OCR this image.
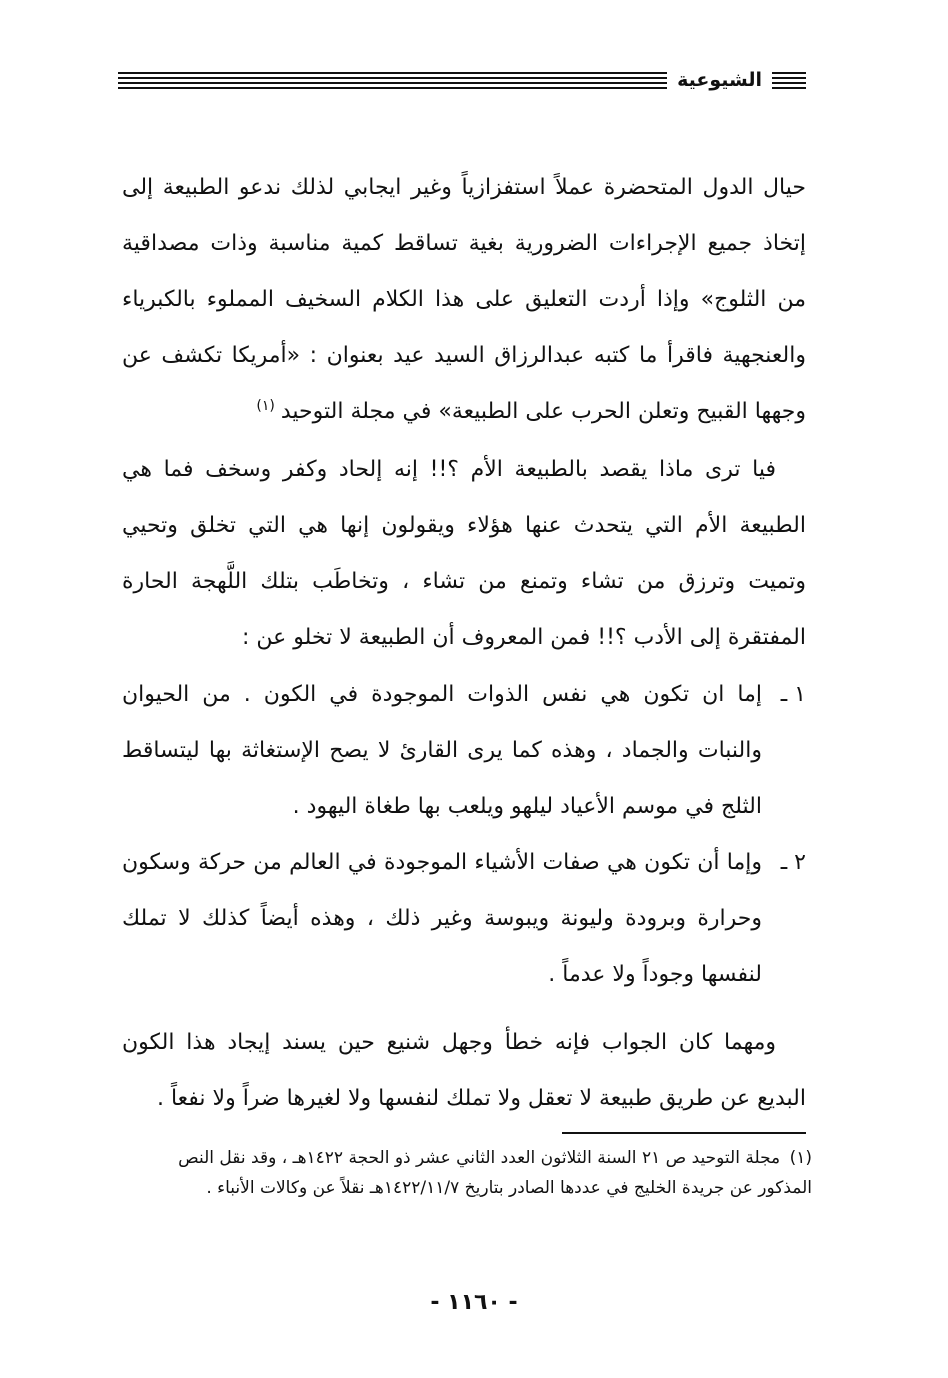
الشيوعية
حيال الدول المتحضرة عملاً استفزازياً وغير ايجابي لذلك ندعو الطبيعة إلى إتخاذ جميع الإجراءات الضرورية بغية تساقط كمية مناسبة وذات مصداقية من الثلوج» وإذا أردت التعليق على هذا الكلام السخيف المملوء بالكبرياء والعنجهية فاقرأ ما كتبه عبدالرزاق السيد عيد بعنوان : «أمريكا تكشف عن وجهها القبيح وتعلن الحرب على الطبيعة» في مجلة التوحيد$^{(١)}$
فيا ترى ماذا يقصد بالطبيعة الأم ؟!! إنه إلحاد وكفر وسخف فما هي الطبيعة الأم التي يتحدث عنها هؤلاء ويقولون إنها هي التي تخلق وتحيي وتميت وترزق من تشاء وتمنع من تشاء ، وتخاطَب بتلك اللَّهجة الحارة المفتقرة إلى الأدب ؟!! فمن المعروف أن الطبيعة لا تخلو عن :
١ ـ
إما ان تكون هي نفس الذوات الموجودة في الكون . من الحيوان والنبات والجماد ، وهذه كما يرى القارئ لا يصح الإستغاثة بها ليتساقط الثلج في موسم الأعياد ليلهو ويلعب بها طغاة اليهود .
٢ ـ
وإما أن تكون هي صفات الأشياء الموجودة في العالم من حركة وسكون وحرارة وبرودة وليونة ويبوسة وغير ذلك ، وهذه أيضاً كذلك لا تملك لنفسها وجوداً ولا عدماً .
ومهما كان الجواب فإنه خطأ وجهل شنيع حين يسند إيجاد هذا الكون البديع عن طريق طبيعة لا تعقل ولا تملك لنفسها ولا لغيرها ضراً ولا نفعاً .
(١) مجلة التوحيد ص ٢١ السنة الثلاثون العدد الثاني عشر ذو الحجة ١٤٢٢هـ ، وقد نقل النص المذكور عن جريدة الخليج في عددها الصادر بتاريخ ١٤٢٢/١١/٧هـ نقلاً عن وكالات الأنباء .
- ١١٦٠ -
